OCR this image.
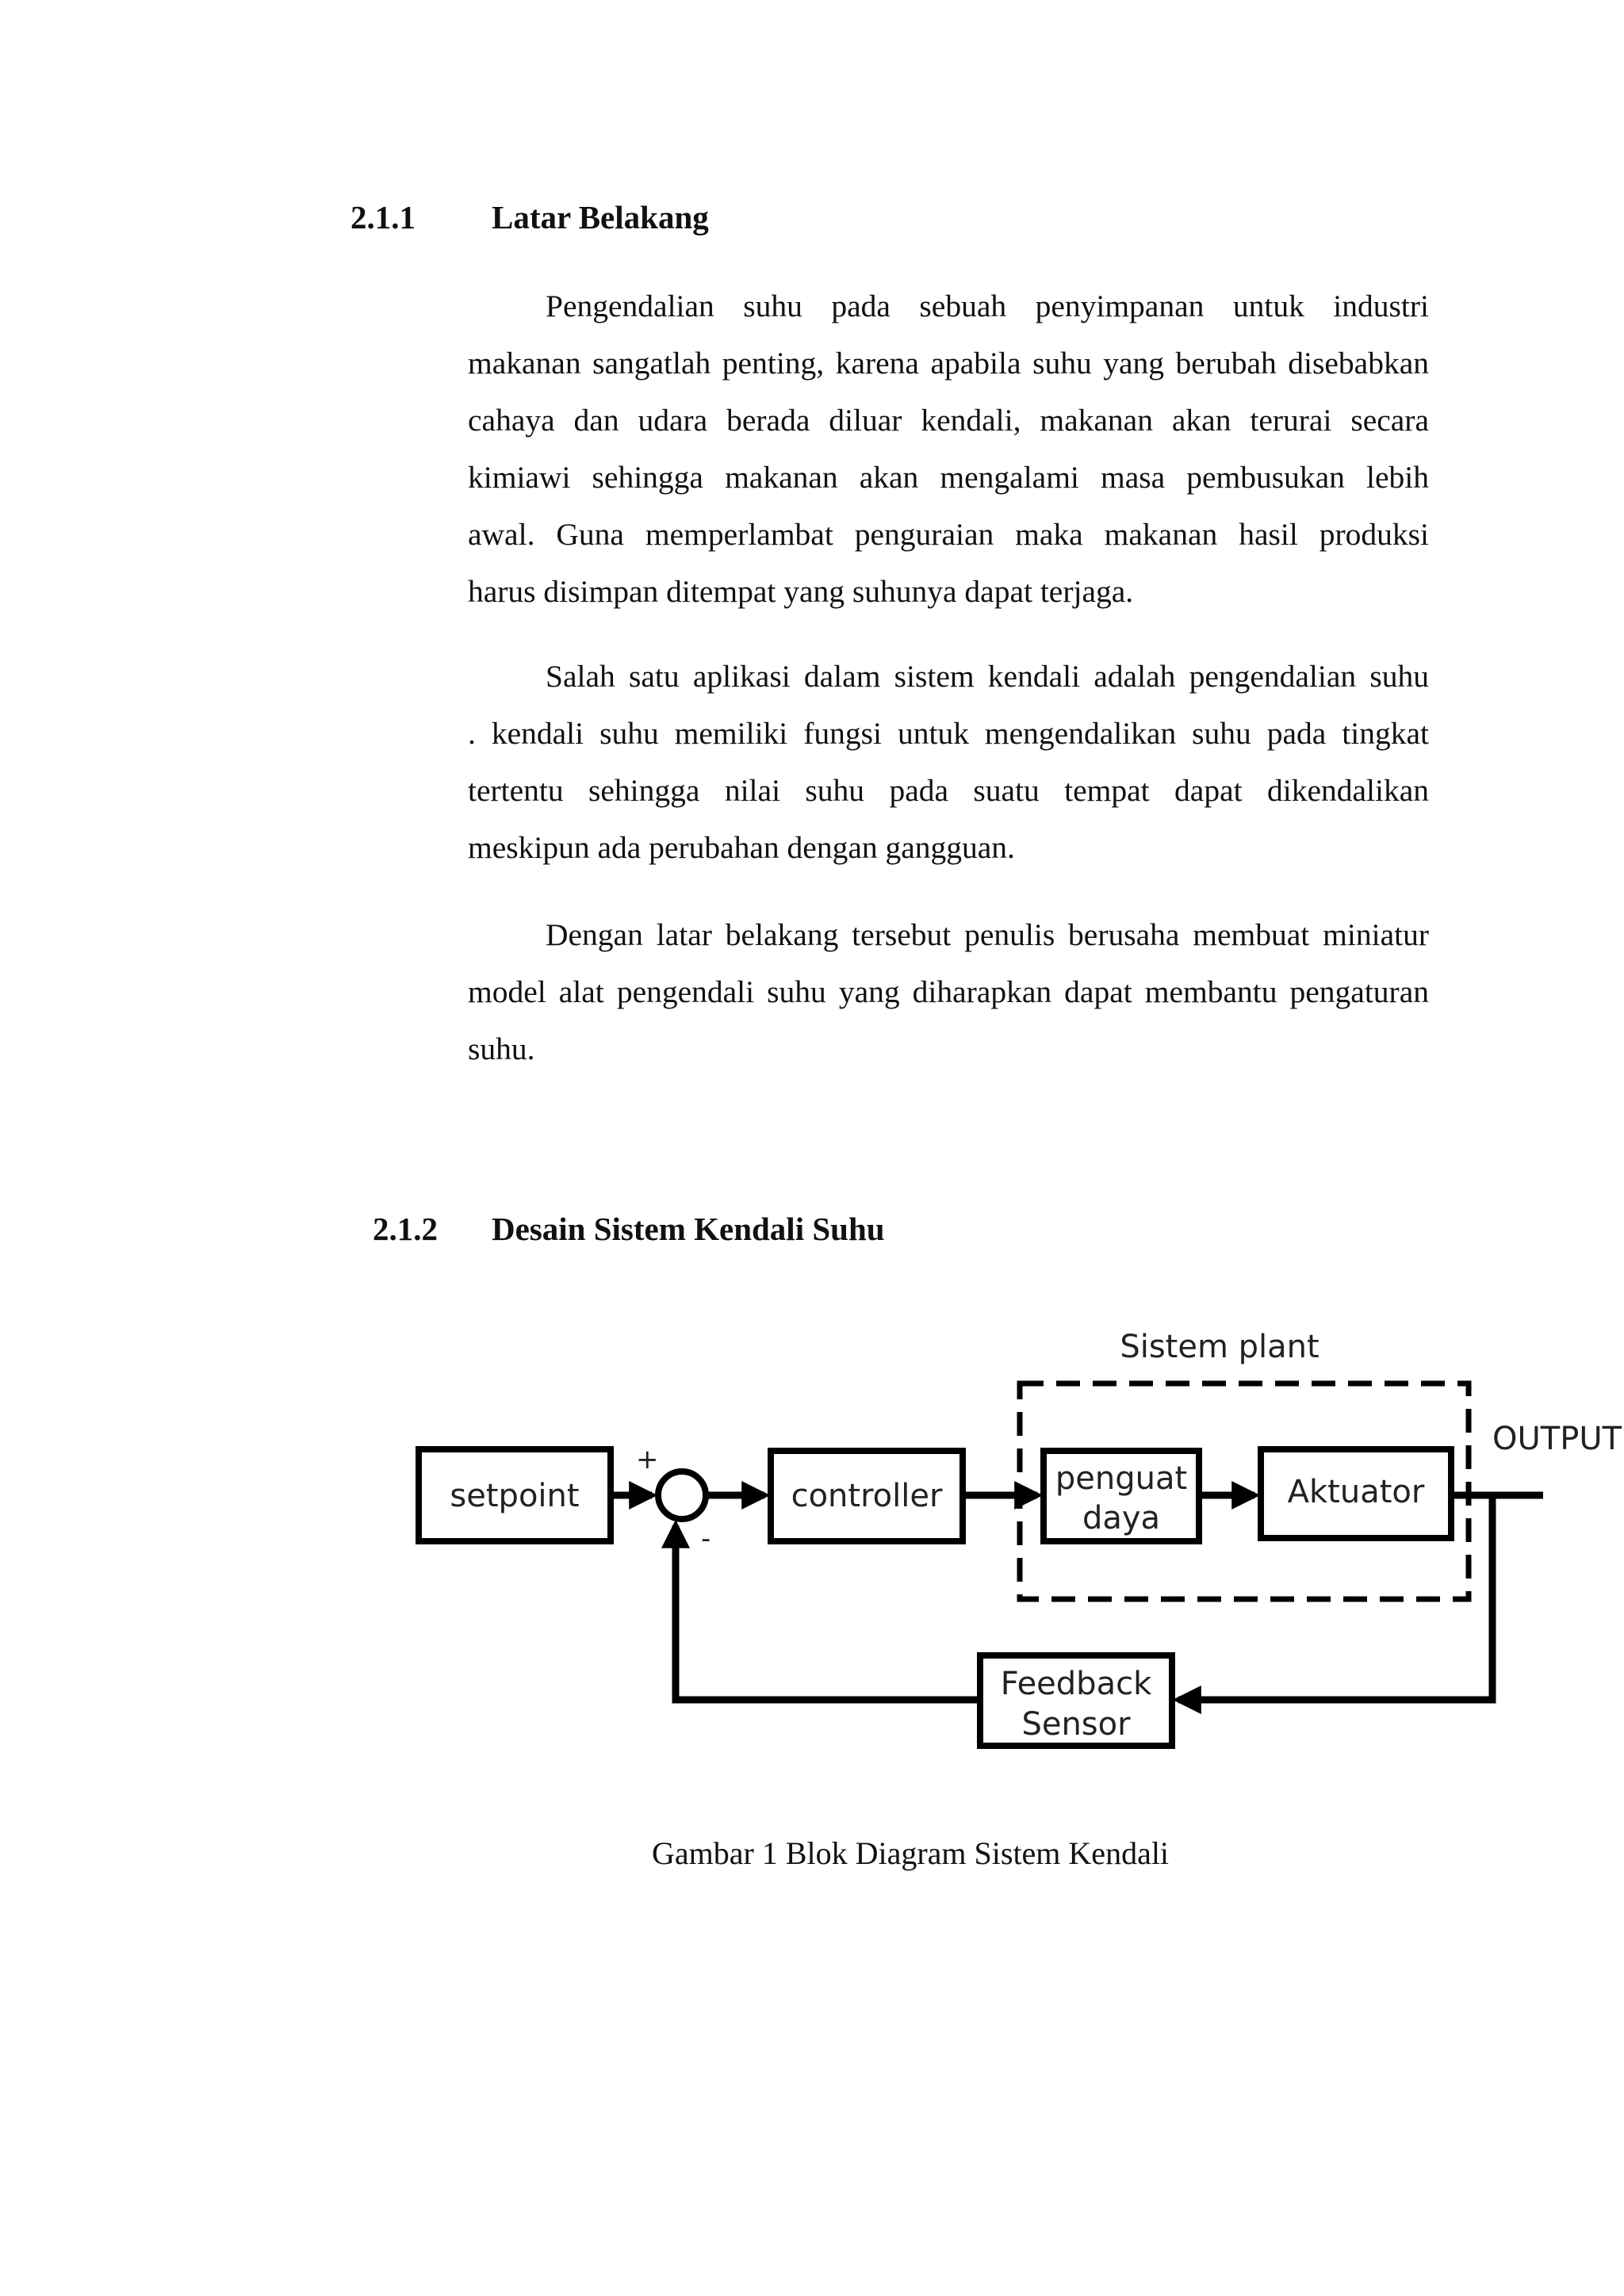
2.1.1	Latar Belakang

Pengendalian suhu pada sebuah penyimpanan untuk industri
makanan sangatlah penting, karena apabila suhu yang berubah disebabkan
cahaya dan udara berada diluar kendali, makanan akan terurai secara
kimiawi sehingga makanan akan mengalami masa pembusukan lebih
awal. Guna memperlambat penguraian maka makanan hasil produksi
harus disimpan ditempat yang suhunya dapat terjaga.

Salah satu aplikasi dalam sistem kendali adalah pengendalian suhu
. kendali suhu memiliki fungsi untuk mengendalikan suhu pada tingkat
tertentu sehingga nilai suhu pada suatu tempat dapat dikendalikan
meskipun ada perubahan dengan gangguan.

Dengan latar belakang tersebut penulis berusaha membuat miniatur
model alat pengendali suhu yang diharapkan dapat membantu pengaturan
suhu.

2.1.2	Desain Sistem Kendali Suhu
Sistem plant
setpoint
+
-
controller	penguat
daya
Aktuator
OUTPUT
Feedback
Sensor
Gambar 1 Blok Diagram Sistem Kendali
